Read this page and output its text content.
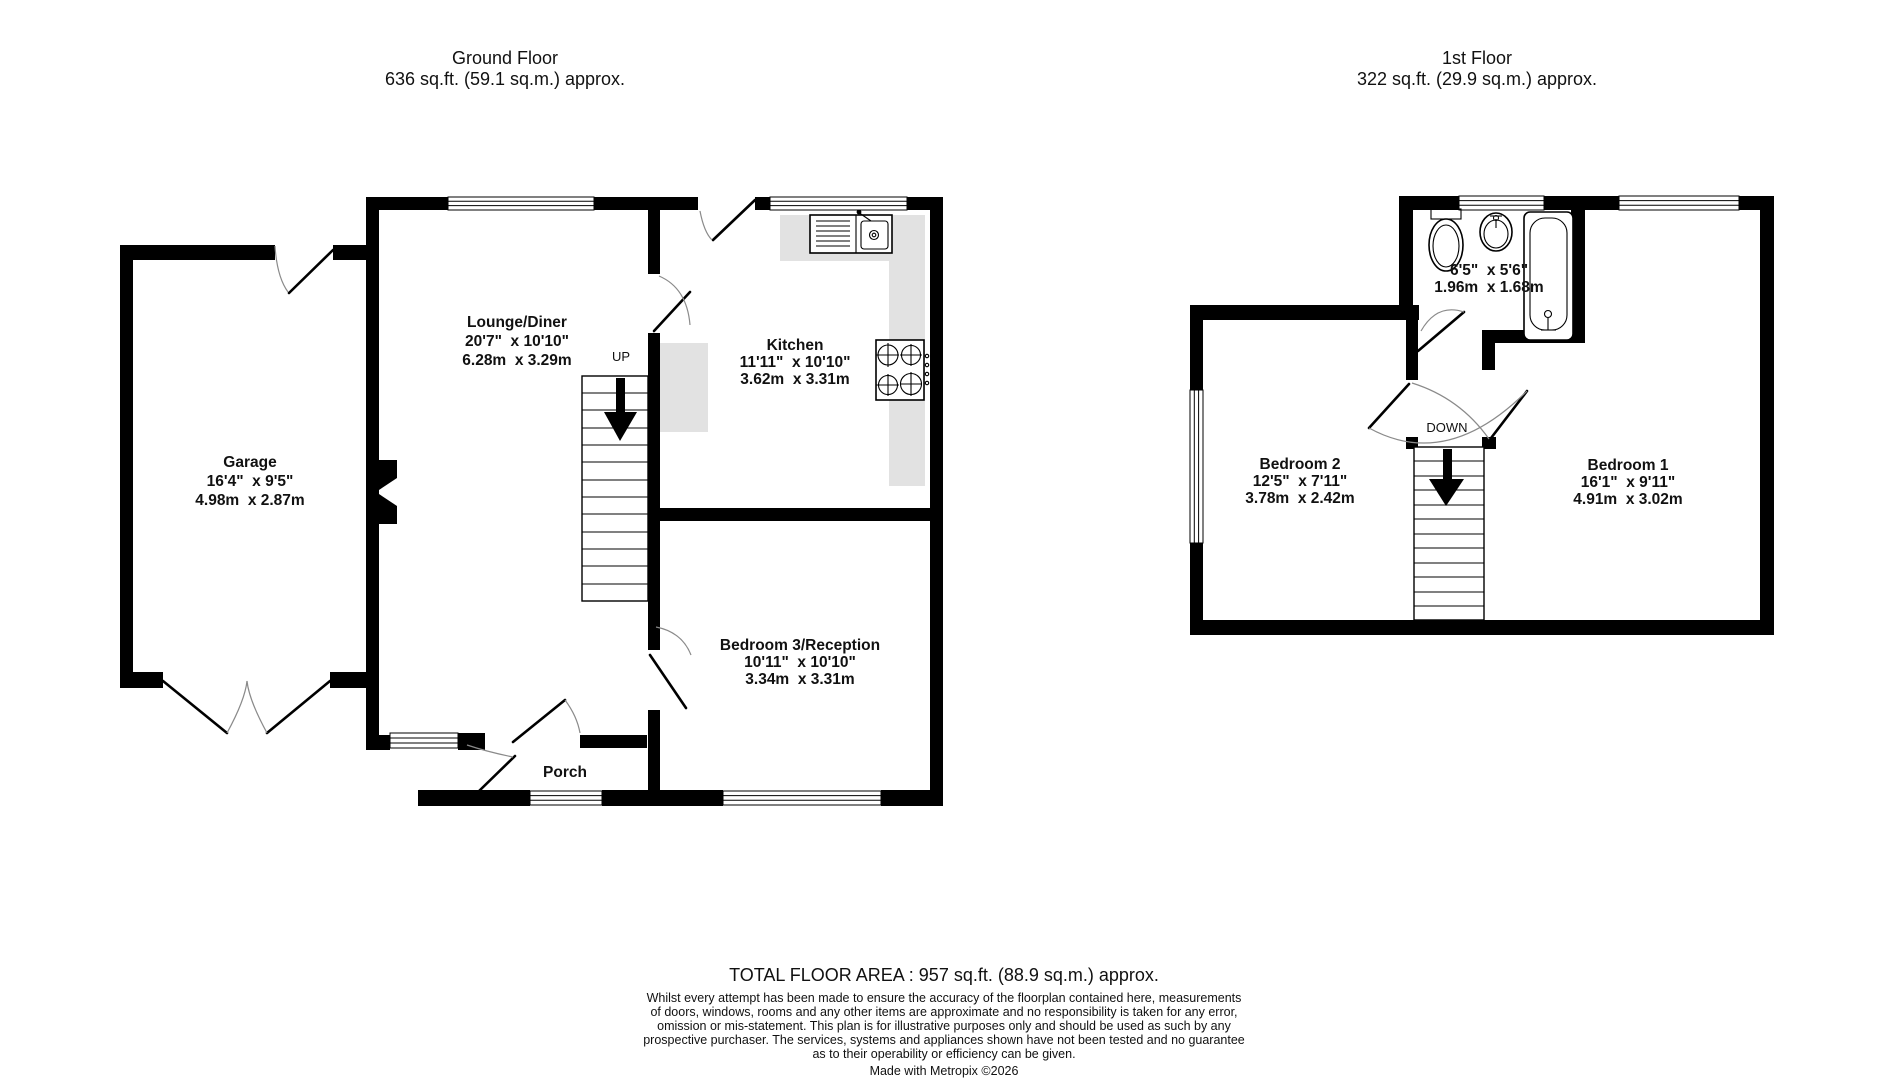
Ground Floor
636 sq.ft. (59.1 sq.m.) approx.
Garage
16'4"  x 9'5"
4.98m  x 2.87m
Lounge/Diner
20'7"  x 10'10"
6.28m  x 3.29m
Kitchen
11'11"  x 10'10"
3.62m  x 3.31m
Bedroom 3/Reception
10'11"  x 10'10"
3.34m  x 3.31m
Porch
UP
1st Floor
322 sq.ft. (29.9 sq.m.) approx.
6'5"  x 5'6"
1.96m  x 1.68m
Bedroom 2
12'5"  x 7'11"
3.78m  x 2.42m
Bedroom 1
16'1"  x 9'11"
4.91m  x 3.02m
DOWN
TOTAL FLOOR AREA : 957 sq.ft. (88.9 sq.m.) approx.
Whilst every attempt has been made to ensure the accuracy of the floorplan contained here, measurements
of doors, windows, rooms and any other items are approximate and no responsibility is taken for any error,
omission or mis-statement. This plan is for illustrative purposes only and should be used as such by any
prospective purchaser. The services, systems and appliances shown have not been tested and no guarantee
as to their operability or efficiency can be given.
Made with Metropix ©2026
